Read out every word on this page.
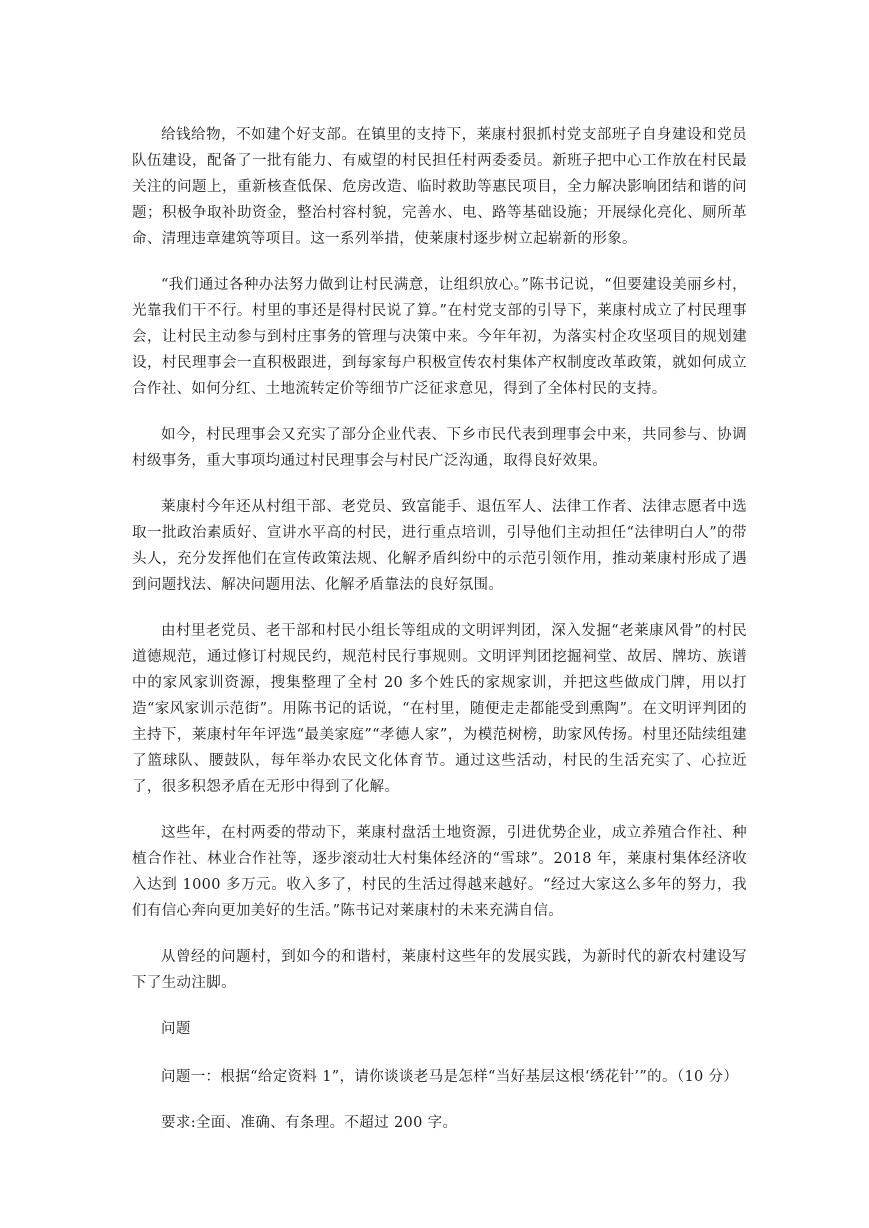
给钱给物，不如建个好支部。在镇里的支持下，莱康村狠抓村党支部班子自身建设和党员队伍建设，配备了一批有能力、有威望的村民担任村两委委员。新班子把中心工作放在村民最关注的问题上，重新核查低保、危房改造、临时救助等惠民项目，全力解决影响团结和谐的问题；积极争取补助资金，整治村容村貌，完善水、电、路等基础设施；开展绿化亮化、厕所革命、清理违章建筑等项目。这一系列举措，使莱康村逐步树立起崭新的形象。

“我们通过各种办法努力做到让村民满意，让组织放心。”陈书记说，“但要建设美丽乡村，光靠我们干不行。村里的事还是得村民说了算。”在村党支部的引导下，莱康村成立了村民理事会，让村民主动参与到村庄事务的管理与决策中来。今年年初，为落实村企攻坚项目的规划建设，村民理事会一直积极跟进，到每家每户积极宣传农村集体产权制度改革政策，就如何成立合作社、如何分红、土地流转定价等细节广泛征求意见，得到了全体村民的支持。

如今，村民理事会又充实了部分企业代表、下乡市民代表到理事会中来，共同参与、协调村级事务，重大事项均通过村民理事会与村民广泛沟通，取得良好效果。

莱康村今年还从村组干部、老党员、致富能手、退伍军人、法律工作者、法律志愿者中选取一批政治素质好、宣讲水平高的村民，进行重点培训，引导他们主动担任“法律明白人”的带头人，充分发挥他们在宣传政策法规、化解矛盾纠纷中的示范引领作用，推动莱康村形成了遇到问题找法、解决问题用法、化解矛盾靠法的良好氛围。

由村里老党员、老干部和村民小组长等组成的文明评判团，深入发掘“老莱康风骨”的村民道德规范，通过修订村规民约，规范村民行事规则。文明评判团挖掘祠堂、故居、牌坊、族谱中的家风家训资源，搜集整理了全村 20 多个姓氏的家规家训，并把这些做成门牌，用以打造“家风家训示范街”。用陈书记的话说，“在村里，随便走走都能受到熏陶”。在文明评判团的主持下，莱康村年年评选“最美家庭”“孝德人家”，为模范树榜，助家风传扬。村里还陆续组建了篮球队、腰鼓队，每年举办农民文化体育节。通过这些活动，村民的生活充实了、心拉近了，很多积怨矛盾在无形中得到了化解。

这些年，在村两委的带动下，莱康村盘活土地资源，引进优势企业，成立养殖合作社、种植合作社、林业合作社等，逐步滚动壮大村集体经济的“雪球”。2018 年，莱康村集体经济收入达到 1000 多万元。收入多了，村民的生活过得越来越好。“经过大家这么多年的努力，我们有信心奔向更加美好的生活。”陈书记对莱康村的未来充满自信。

从曾经的问题村，到如今的和谐村，莱康村这些年的发展实践，为新时代的新农村建设写下了生动注脚。

问题

问题一：根据“给定资料 1”，请你谈谈老马是怎样“当好基层这根‘绣花针’”的。（10 分）

要求:全面、准确、有条理。不超过 200 字。
